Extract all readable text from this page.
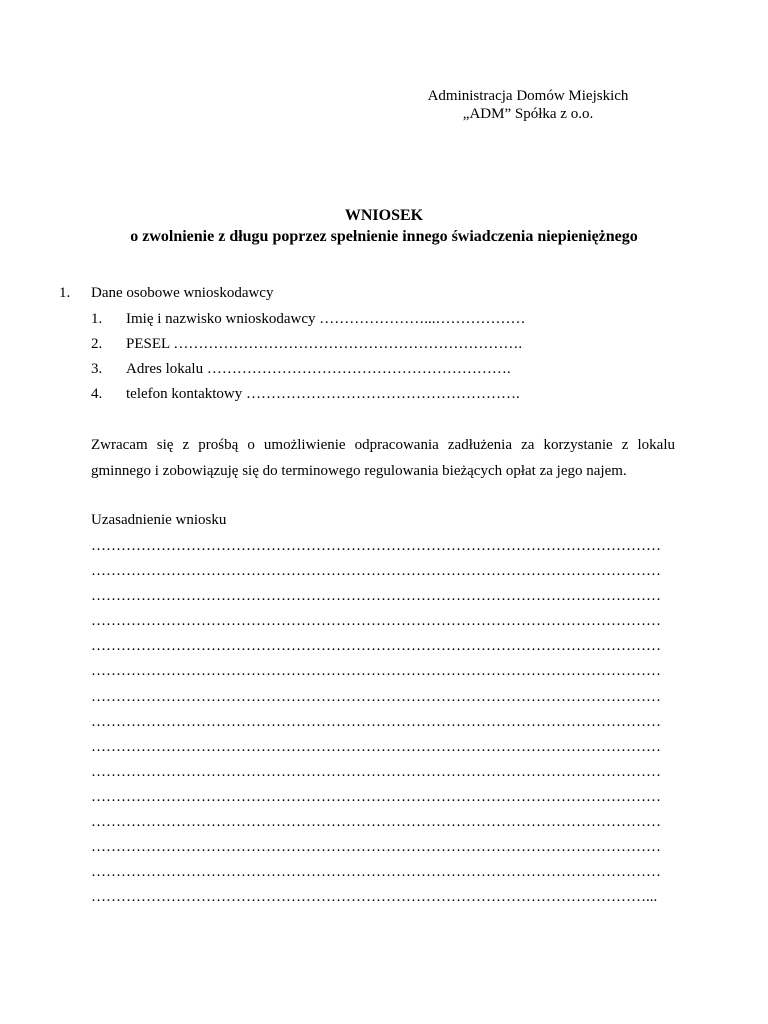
Administracja Domów Miejskich
„ADM” Spółka z o.o.
WNIOSEK
o zwolnienie z długu poprzez spełnienie innego świadczenia niepieniężnego
1. Dane osobowe wnioskodawcy
1. Imię i nazwisko wnioskodawcy …………………...………………
2. PESEL …………………………………………………………….
3. Adres lokalu …………………………………………………….
4. telefon kontaktowy ……………………………………………….
Zwracam się z prośbą o umożliwienie odpracowania zadłużenia za korzystanie z lokalu gminnego i zobowiązuję się do terminowego regulowania bieżących opłat za jego najem.
Uzasadnienie wniosku
……………………………………………………………………………………………………
……………………………………………………………………………………………………
……………………………………………………………………………………………………
……………………………………………………………………………………………………
……………………………………………………………………………………………………
……………………………………………………………………………………………………
……………………………………………………………………………………………………
……………………………………………………………………………………………………
……………………………………………………………………………………………………
……………………………………………………………………………………………………
……………………………………………………………………………………………………
……………………………………………………………………………………………………
……………………………………………………………………………………………………
……………………………………………………………………………………………………
…………………………………………………………………………………………………...
